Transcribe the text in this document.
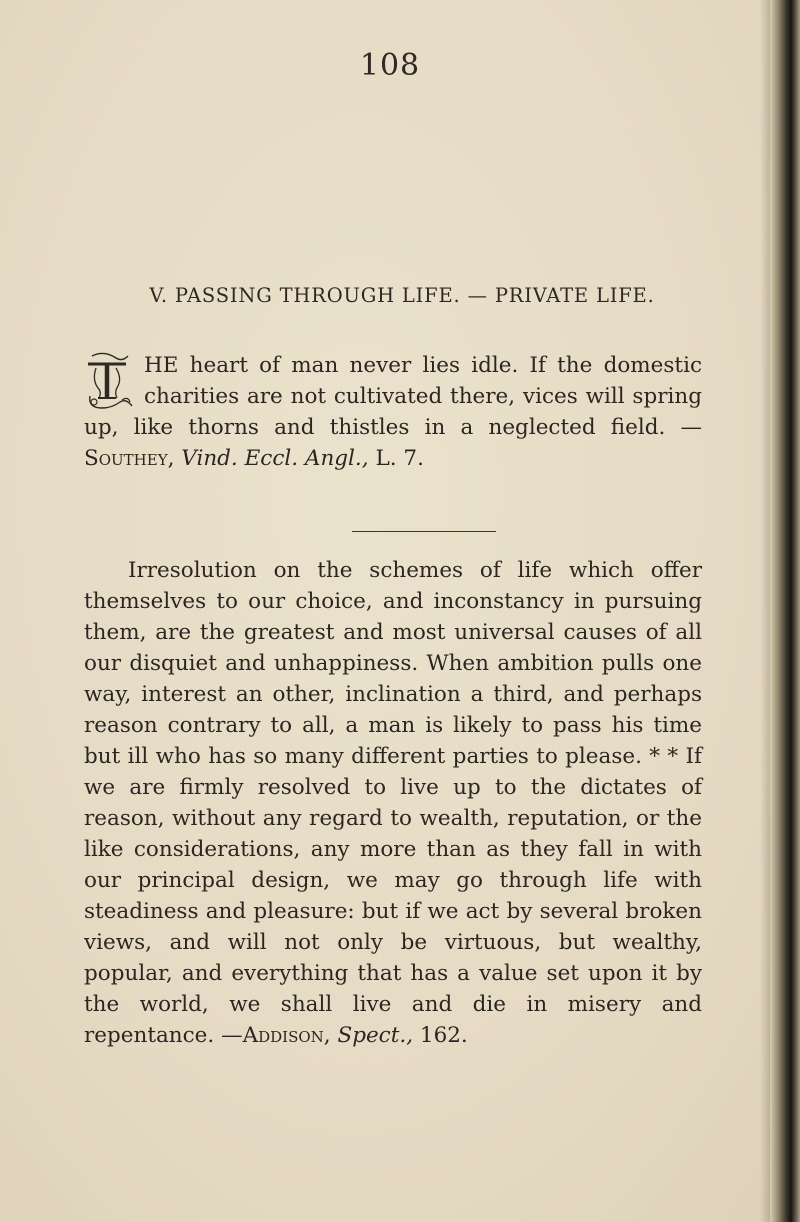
108
V. PASSING THROUGH LIFE. — PRIVATE LIFE.
T
HE heart of man never lies idle. If the domestic charities are not cultivated there, vices will spring up, like thorns and thistles in a neglected field. — Southey, Vind. Eccl. Angl., L. 7.
Irresolution on the schemes of life which offer themselves to our choice, and inconstancy in pursuing them, are the greatest and most universal causes of all our disquiet and unhappiness. When ambition pulls one way, interest an other, inclination a third, and perhaps reason contrary to all, a man is likely to pass his time but ill who has so many different parties to please. * * If we are firmly resolved to live up to the dictates of reason, without any regard to wealth, reputation, or the like considerations, any more than as they fall in with our principal design, we may go through life with steadiness and pleasure: but if we act by several broken views, and will not only be virtuous, but wealthy, popular, and everything that has a value set upon it by the world, we shall live and die in misery and repentance. —Addison, Spect., 162.
